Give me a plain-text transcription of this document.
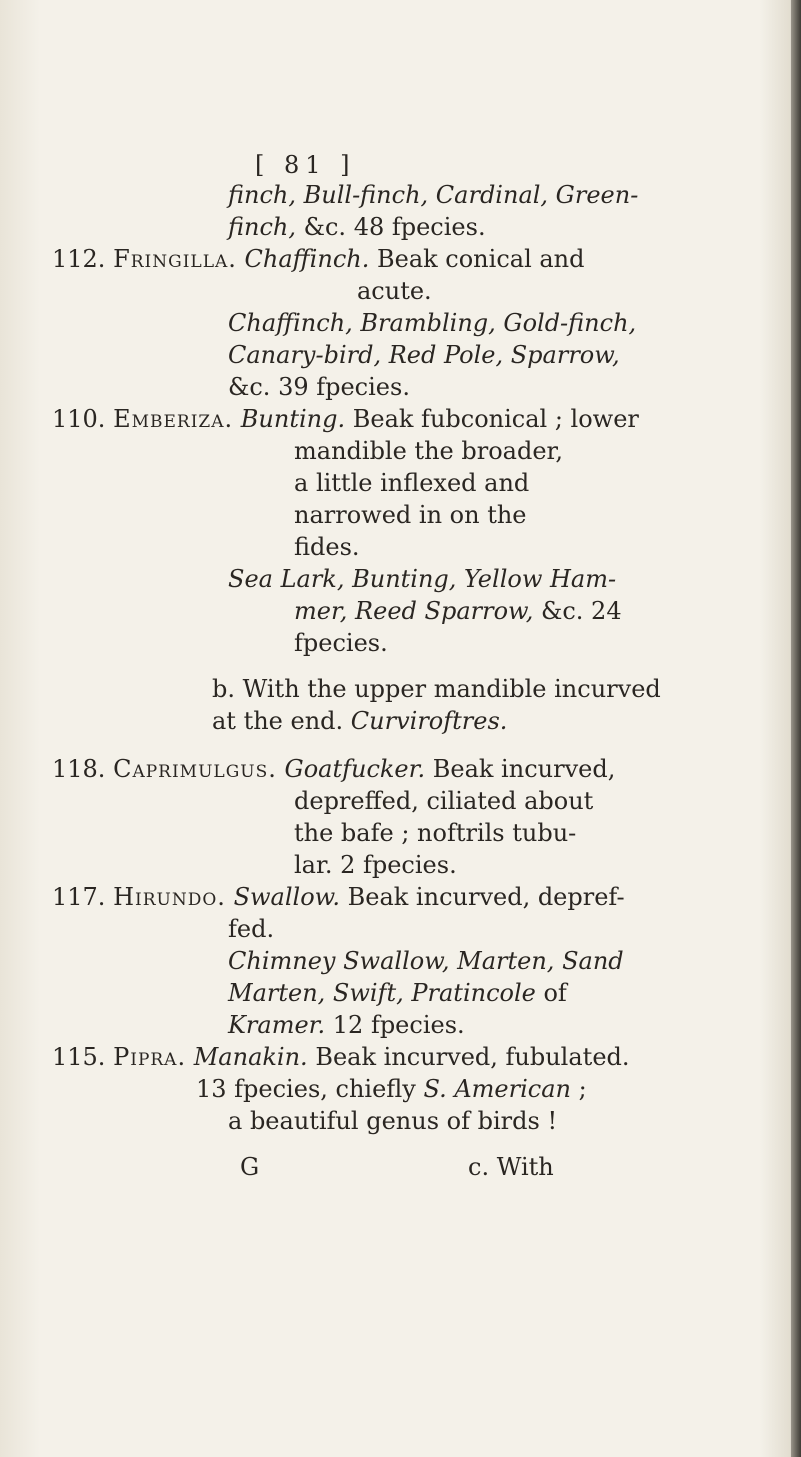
[ 81 ]
finch, Bull-finch, Cardinal, Green-
finch, &c. 48 fpecies.
112. Fringilla. Chaffinch. Beak conical and
acute.
Chaffinch, Brambling, Gold-finch,
Canary-bird, Red Pole, Sparrow,
&c. 39 fpecies.
110. Emberiza. Bunting. Beak fubconical ; lower
mandible the broader,
a little inflexed and
narrowed in on the
fides.
Sea Lark, Bunting, Yellow Ham-
mer, Reed Sparrow, &c. 24
fpecies.
b. With the upper mandible incurved
at the end. Curviroftres.
118. Caprimulgus. Goatfucker. Beak incurved,
depreffed, ciliated about
the bafe ; noftrils tubu-
lar. 2 fpecies.
117. Hirundo. Swallow. Beak incurved, depref-
fed.
Chimney Swallow, Marten, Sand
Marten, Swift, Pratincole of
Kramer. 12 fpecies.
115. Pipra. Manakin. Beak incurved, fubulated.
13 fpecies, chiefly S. American ;
a beautiful genus of birds !
G	c. With
